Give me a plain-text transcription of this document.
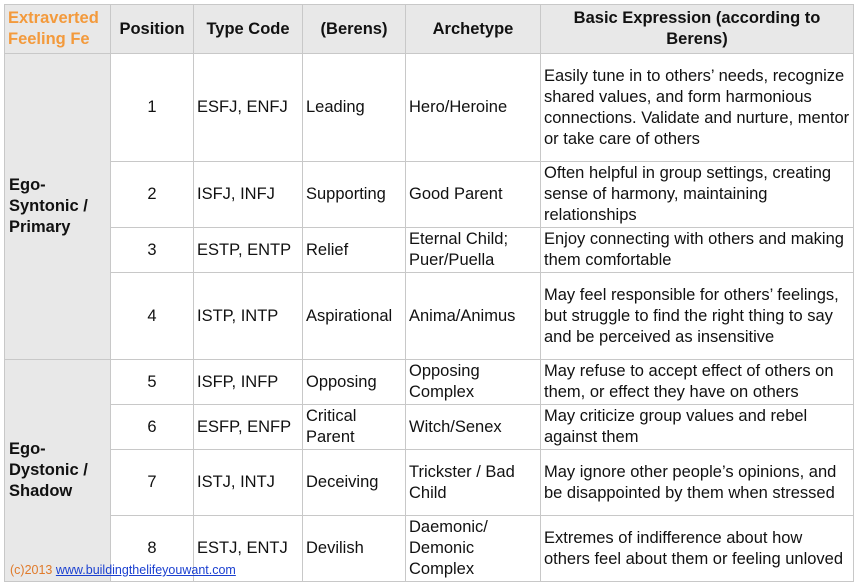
Extraverted Feeling Fe	Position	Type Code	(Berens)	Archetype	Basic Expression (according to Berens)
Ego-Syntonic / Primary	1	ESFJ, ENFJ	Leading	Hero/Heroine	Easily tune in to others’ needs, recognize shared values, and form harmonious connections. Validate and nurture, mentor or take care of others
	2	ISFJ, INFJ	Supporting	Good Parent	Often helpful in group settings, creating sense of harmony, maintaining relationships
	3	ESTP, ENTP	Relief	Eternal Child; Puer/Puella	Enjoy connecting with others and making them comfortable
	4	ISTP, INTP	Aspirational	Anima/Animus	May feel responsible for others’ feelings, but struggle to find the right thing to say and be perceived as insensitive
Ego-Dystonic / Shadow	5	ISFP, INFP	Opposing	Opposing Complex	May refuse to accept effect of others on them, or effect they have on others
	6	ESFP, ENFP	Critical Parent	Witch/Senex	May criticize group values and rebel against them
	7	ISTJ, INTJ	Deceiving	Trickster / Bad Child	May ignore other people’s opinions, and be disappointed by them when stressed
	8	ESTJ, ENTJ	Devilish	Daemonic/ Demonic Complex	Extremes of indifference about how others feel about them or feeling unloved
(c)2013 www.buildingthelifeyouwant.com
